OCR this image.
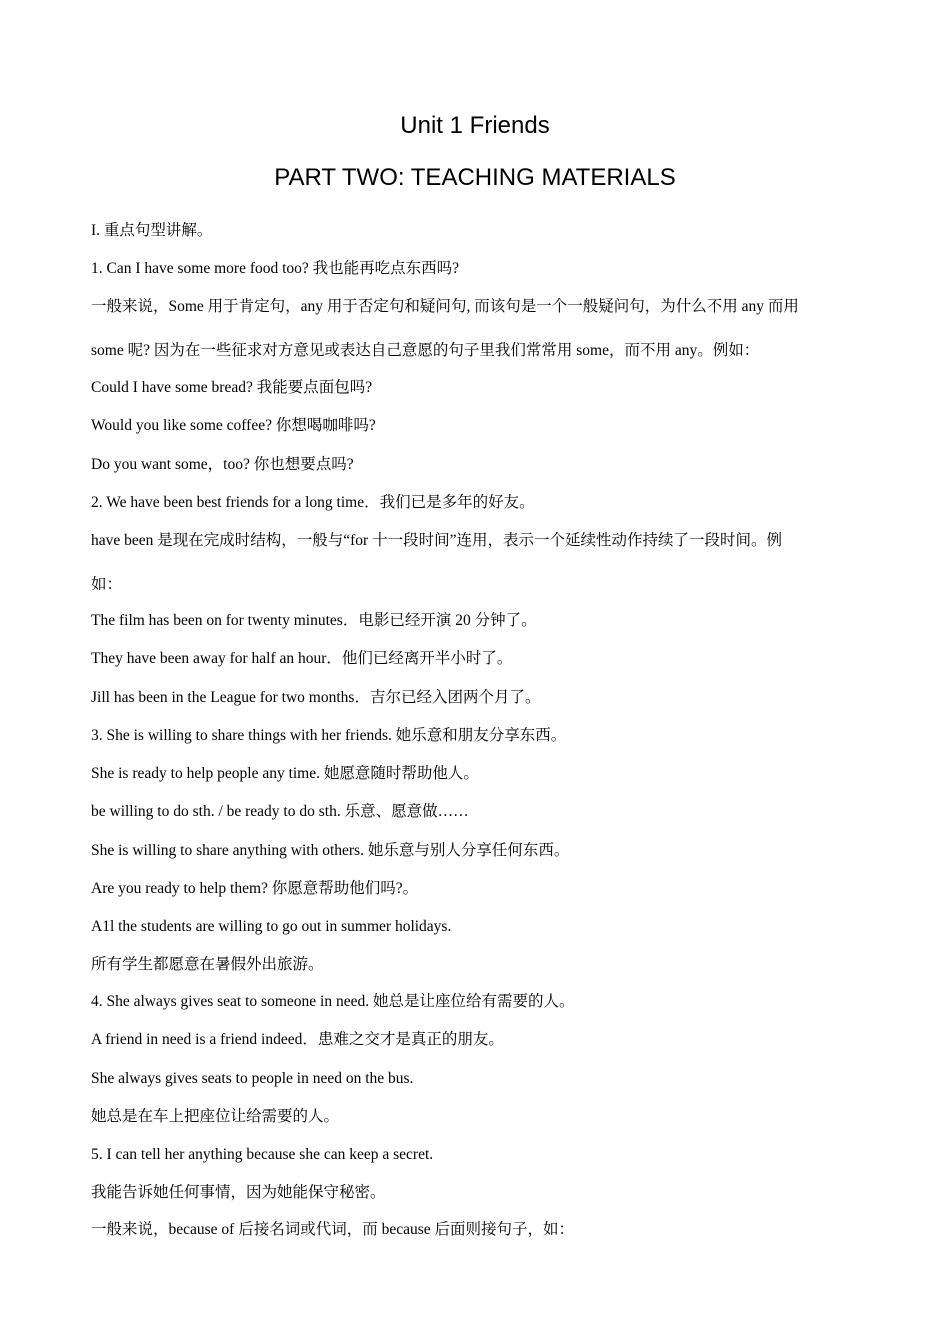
Unit 1 Friends
PART TWO: TEACHING MATERIALS
I. 重点句型讲解。
1. Can I have some more food too? 我也能再吃点东西吗?
一般来说，Some 用于肯定句，any 用于否定句和疑问句, 而该句是一个一般疑问句，为什么不用 any 而用
some 呢? 因为在一些征求对方意见或表达自己意愿的句子里我们常常用 some，而不用 any。例如：
Could I have some bread? 我能要点面包吗?
Would you like some coffee? 你想喝咖啡吗?
Do you want some，too? 你也想要点吗?
2. We have been best friends for a long time．我们已是多年的好友。
have been 是现在完成时结构，一般与“for 十一段时间”连用，表示一个延续性动作持续了一段时间。例
如：
The film has been on for twenty minutes．电影已经开演 20 分钟了。
They have been away for half an hour．他们已经离开半小时了。
Jill has been in the League for two months．吉尔已经入团两个月了。
3. She is willing to share things with her friends. 她乐意和朋友分享东西。
She is ready to help people any time. 她愿意随时帮助他人。
be willing to do sth. / be ready to do sth. 乐意、愿意做……
She is willing to share anything with others. 她乐意与别人分享任何东西。
Are you ready to help them? 你愿意帮助他们吗?。
A1l the students are willing to go out in summer holidays.
所有学生都愿意在暑假外出旅游。
4. She always gives seat to someone in need. 她总是让座位给有需要的人。
A friend in need is a friend indeed．患难之交才是真正的朋友。
She always gives seats to people in need on the bus.
她总是在车上把座位让给需要的人。
5. I can tell her anything because she can keep a secret.
我能告诉她任何事情，因为她能保守秘密。
一般来说，because of 后接名词或代词，而 because 后面则接句子，如：
